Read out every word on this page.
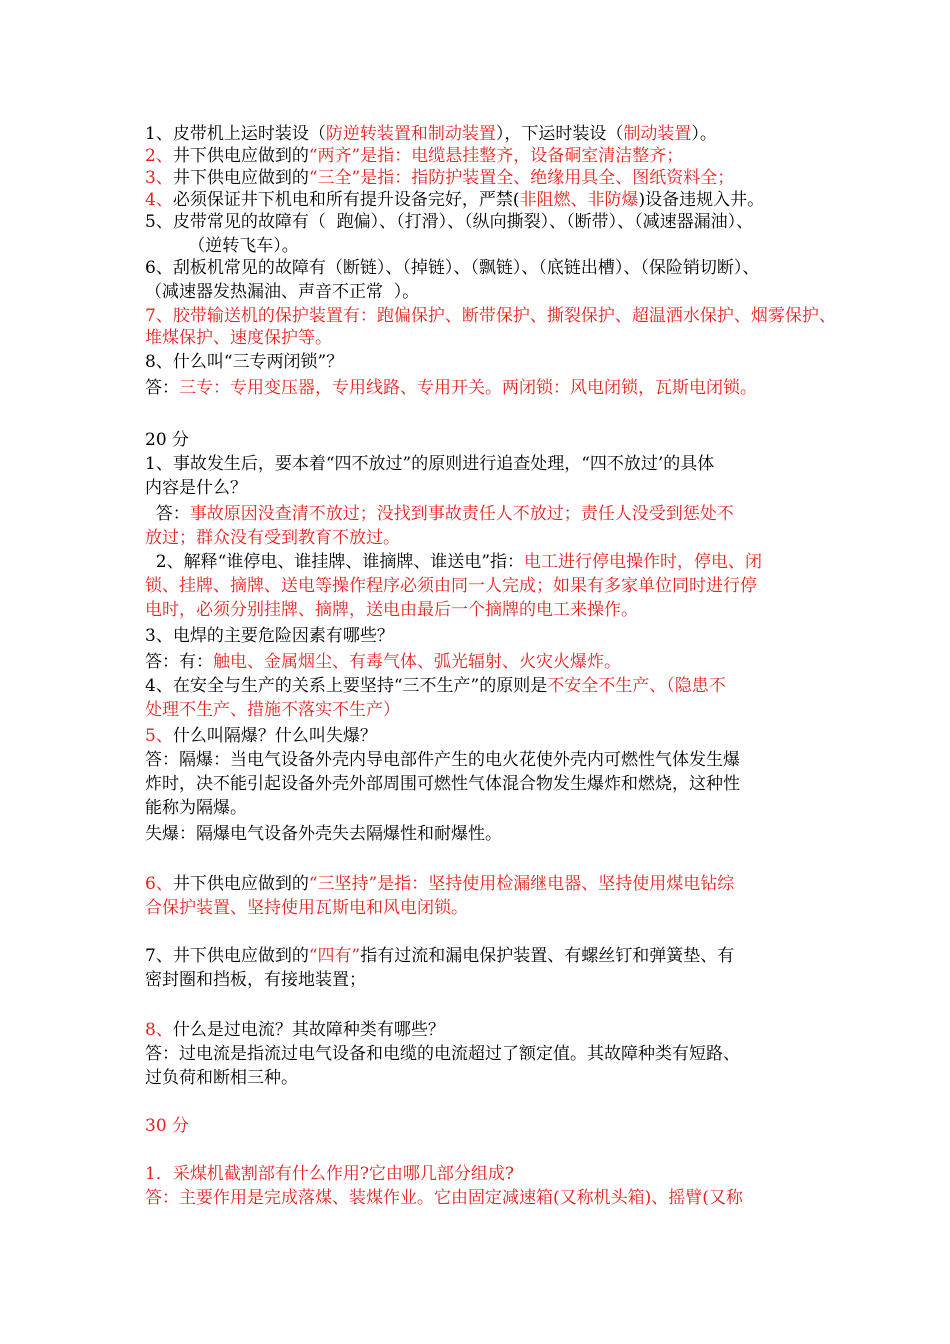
1、皮带机上运时装设（防逆转装置和制动装置），下运时装设（制动装置）。
2、井下供电应做到的“两齐”是指：电缆悬挂整齐，设备硐室清洁整齐；
3、井下供电应做到的“三全”是指：指防护装置全、绝缘用具全、图纸资料全；
4、必须保证井下机电和所有提升设备完好，严禁(非阻燃、非防爆)设备违规入井。
5、皮带常见的故障有（  跑偏）、（打滑）、（纵向撕裂）、（断带）、（减速器漏油）、
（逆转飞车）。
6、刮板机常见的故障有（断链）、（掉链）、（飘链）、（底链出槽）、（保险销切断）、
（减速器发热漏油、声音不正常  ）。
7、胶带输送机的保护装置有：跑偏保护、断带保护、撕裂保护、超温洒水保护、烟雾保护、
堆煤保护、速度保护等。
8、什么叫“三专两闭锁”？
答：三专：专用变压器，专用线路、专用开关。两闭锁：风电闭锁，瓦斯电闭锁。
20 分
1、事故发生后，要本着“四不放过”的原则进行追查处理，“四不放过’的具体
内容是什么？
答：事故原因没查清不放过；没找到事故责任人不放过；责任人没受到惩处不
放过；群众没有受到教育不放过。
2、解释“谁停电、谁挂牌、谁摘牌、谁送电”指：电工进行停电操作时，停电、闭
锁、挂牌、摘牌、送电等操作程序必须由同一人完成；如果有多家单位同时进行停
电时，必须分别挂牌、摘牌，送电由最后一个摘牌的电工来操作。
3、电焊的主要危险因素有哪些？
答：有：触电、金属烟尘、有毒气体、弧光辐射、火灾火爆炸。
4、在安全与生产的关系上要坚持“三不生产”的原则是不安全不生产、（隐患不
处理不生产、措施不落实不生产）
5、什么叫隔爆？什么叫失爆？
答：隔爆：当电气设备外壳内导电部件产生的电火花使外壳内可燃性气体发生爆
炸时，决不能引起设备外壳外部周围可燃性气体混合物发生爆炸和燃烧，这种性
能称为隔爆。
失爆：隔爆电气设备外壳失去隔爆性和耐爆性。
6、井下供电应做到的“三坚持”是指：坚持使用检漏继电器、坚持使用煤电钻综
合保护装置、坚持使用瓦斯电和风电闭锁。
7、井下供电应做到的“四有”指有过流和漏电保护装置、有螺丝钉和弹簧垫、有
密封圈和挡板，有接地装置；
8、什么是过电流？其故障种类有哪些？
答：过电流是指流过电气设备和电缆的电流超过了额定值。其故障种类有短路、
过负荷和断相三种。
30 分
1．采煤机截割部有什么作用?它由哪几部分组成?
答：主要作用是完成落煤、装煤作业。它由固定减速箱(又称机头箱)、摇臂(又称
